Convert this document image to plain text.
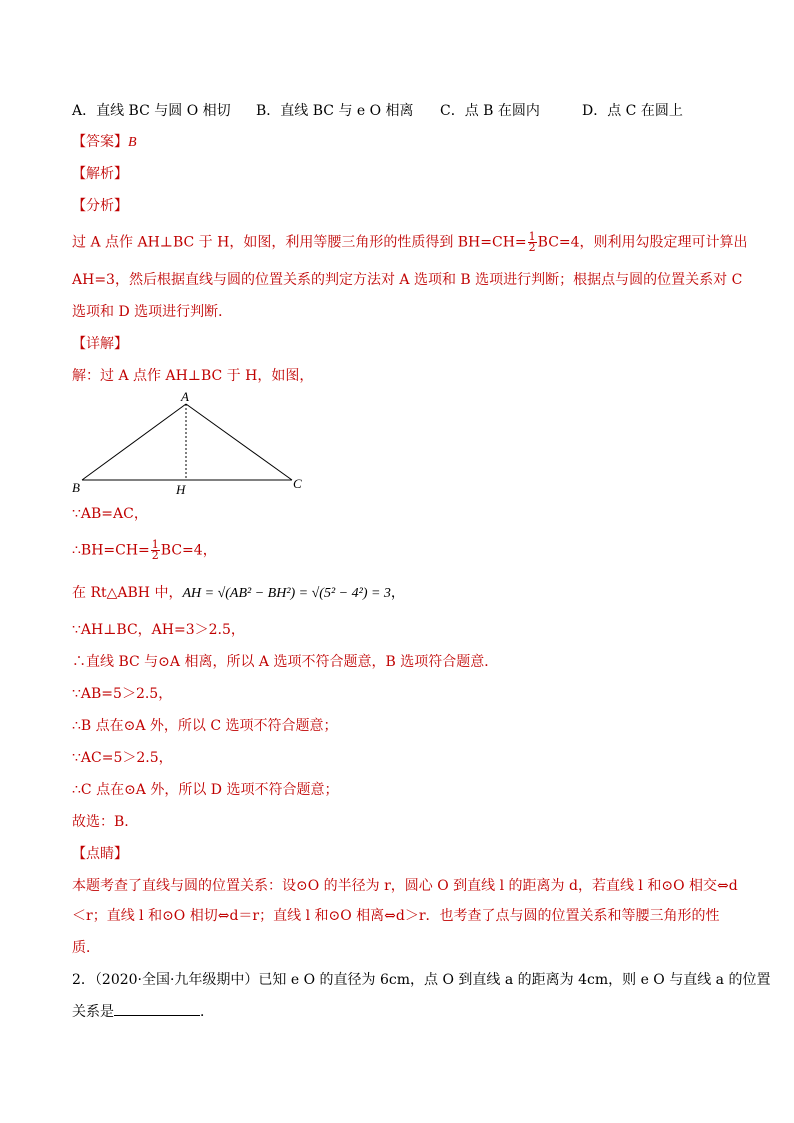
A．直线 BC 与圆 O 相切 B．直线 BC 与 e O 相离 C．点 B 在圆内	D．点 C 在圆上
【答案】B
【解析】
【分析】
过 A 点作 AH⊥BC 于 H，如图，利用等腰三角形的性质得到 $BH=CH= \frac{1}{2} BC=4$，则利用勾股定理可计算出
AH=3，然后根据直线与圆的位置关系的判定方法对 A 选项和 B 选项进行判断；根据点与圆的位置关系对 C
选项和 D 选项进行判断．
【详解】
解：过 A 点作 AH⊥BC 于 H，如图，
A
B	H	C
∵AB=AC，
∴BH=CH= $\frac{1}{2} BC=4$，
在 Rt△ABH 中，AH = √(AB² − BH²) = √(5² − 4²) = 3，
∵AH⊥BC，AH=3＞2.5，
∴直线 BC 与⊙A 相离，所以 A 选项不符合题意，B 选项符合题意．
∵AB=5＞2.5，
∴B 点在⊙A 外，所以 C 选项不符合题意；
∵AC=5＞2.5，
∴C 点在⊙A 外，所以 D 选项不符合题意；
故选：B.
【点睛】
本题考查了直线与圆的位置关系：设⊙O 的半径为 r，圆心 O 到直线 l 的距离为 d，若直线 l 和⊙O 相交⇔d
＜r；直线 l 和⊙O 相切⇔d＝r；直线 l 和⊙O 相离⇔d＞r．也考查了点与圆的位置关系和等腰三角形的性
质．
2．（2020·全国·九年级期中）已知 e O 的直径为 6cm，点 O 到直线 a 的距离为 4cm，则 e O 与直线 a 的位置
关系是	．
